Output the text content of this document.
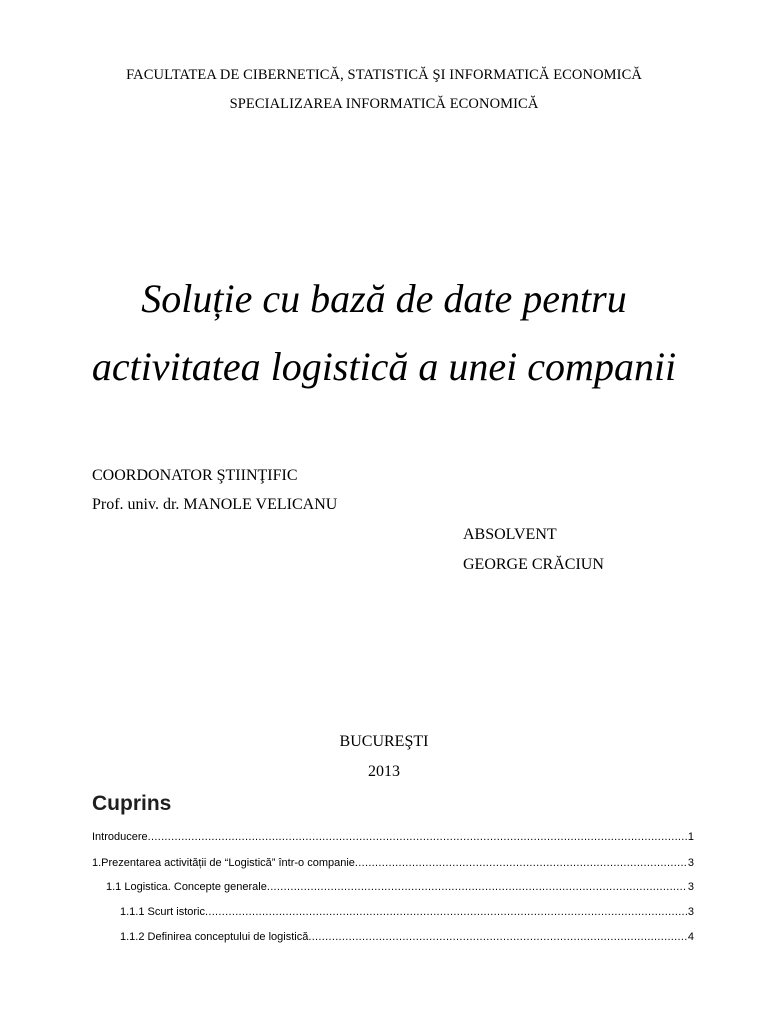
FACULTATEA DE CIBERNETICĂ, STATISTICĂ ŞI INFORMATICĂ ECONOMICĂ
SPECIALIZAREA INFORMATICĂ ECONOMICĂ
Soluție cu bază de date pentru
activitatea logistică a unei companii
COORDONATOR ŞTIINŢIFIC
Prof. univ. dr. MANOLE VELICANU
ABSOLVENT
GEORGE CRĂCIUN
BUCUREŞTI
2013
Cuprins
Introducere .....	1
1.Prezentarea activității de “Logistică” într-o companie .....	3
1.1 Logistica. Concepte generale .....	3
1.1.1 Scurt istoric .....	3
1.1.2 Definirea conceptului de logistică .....	4
